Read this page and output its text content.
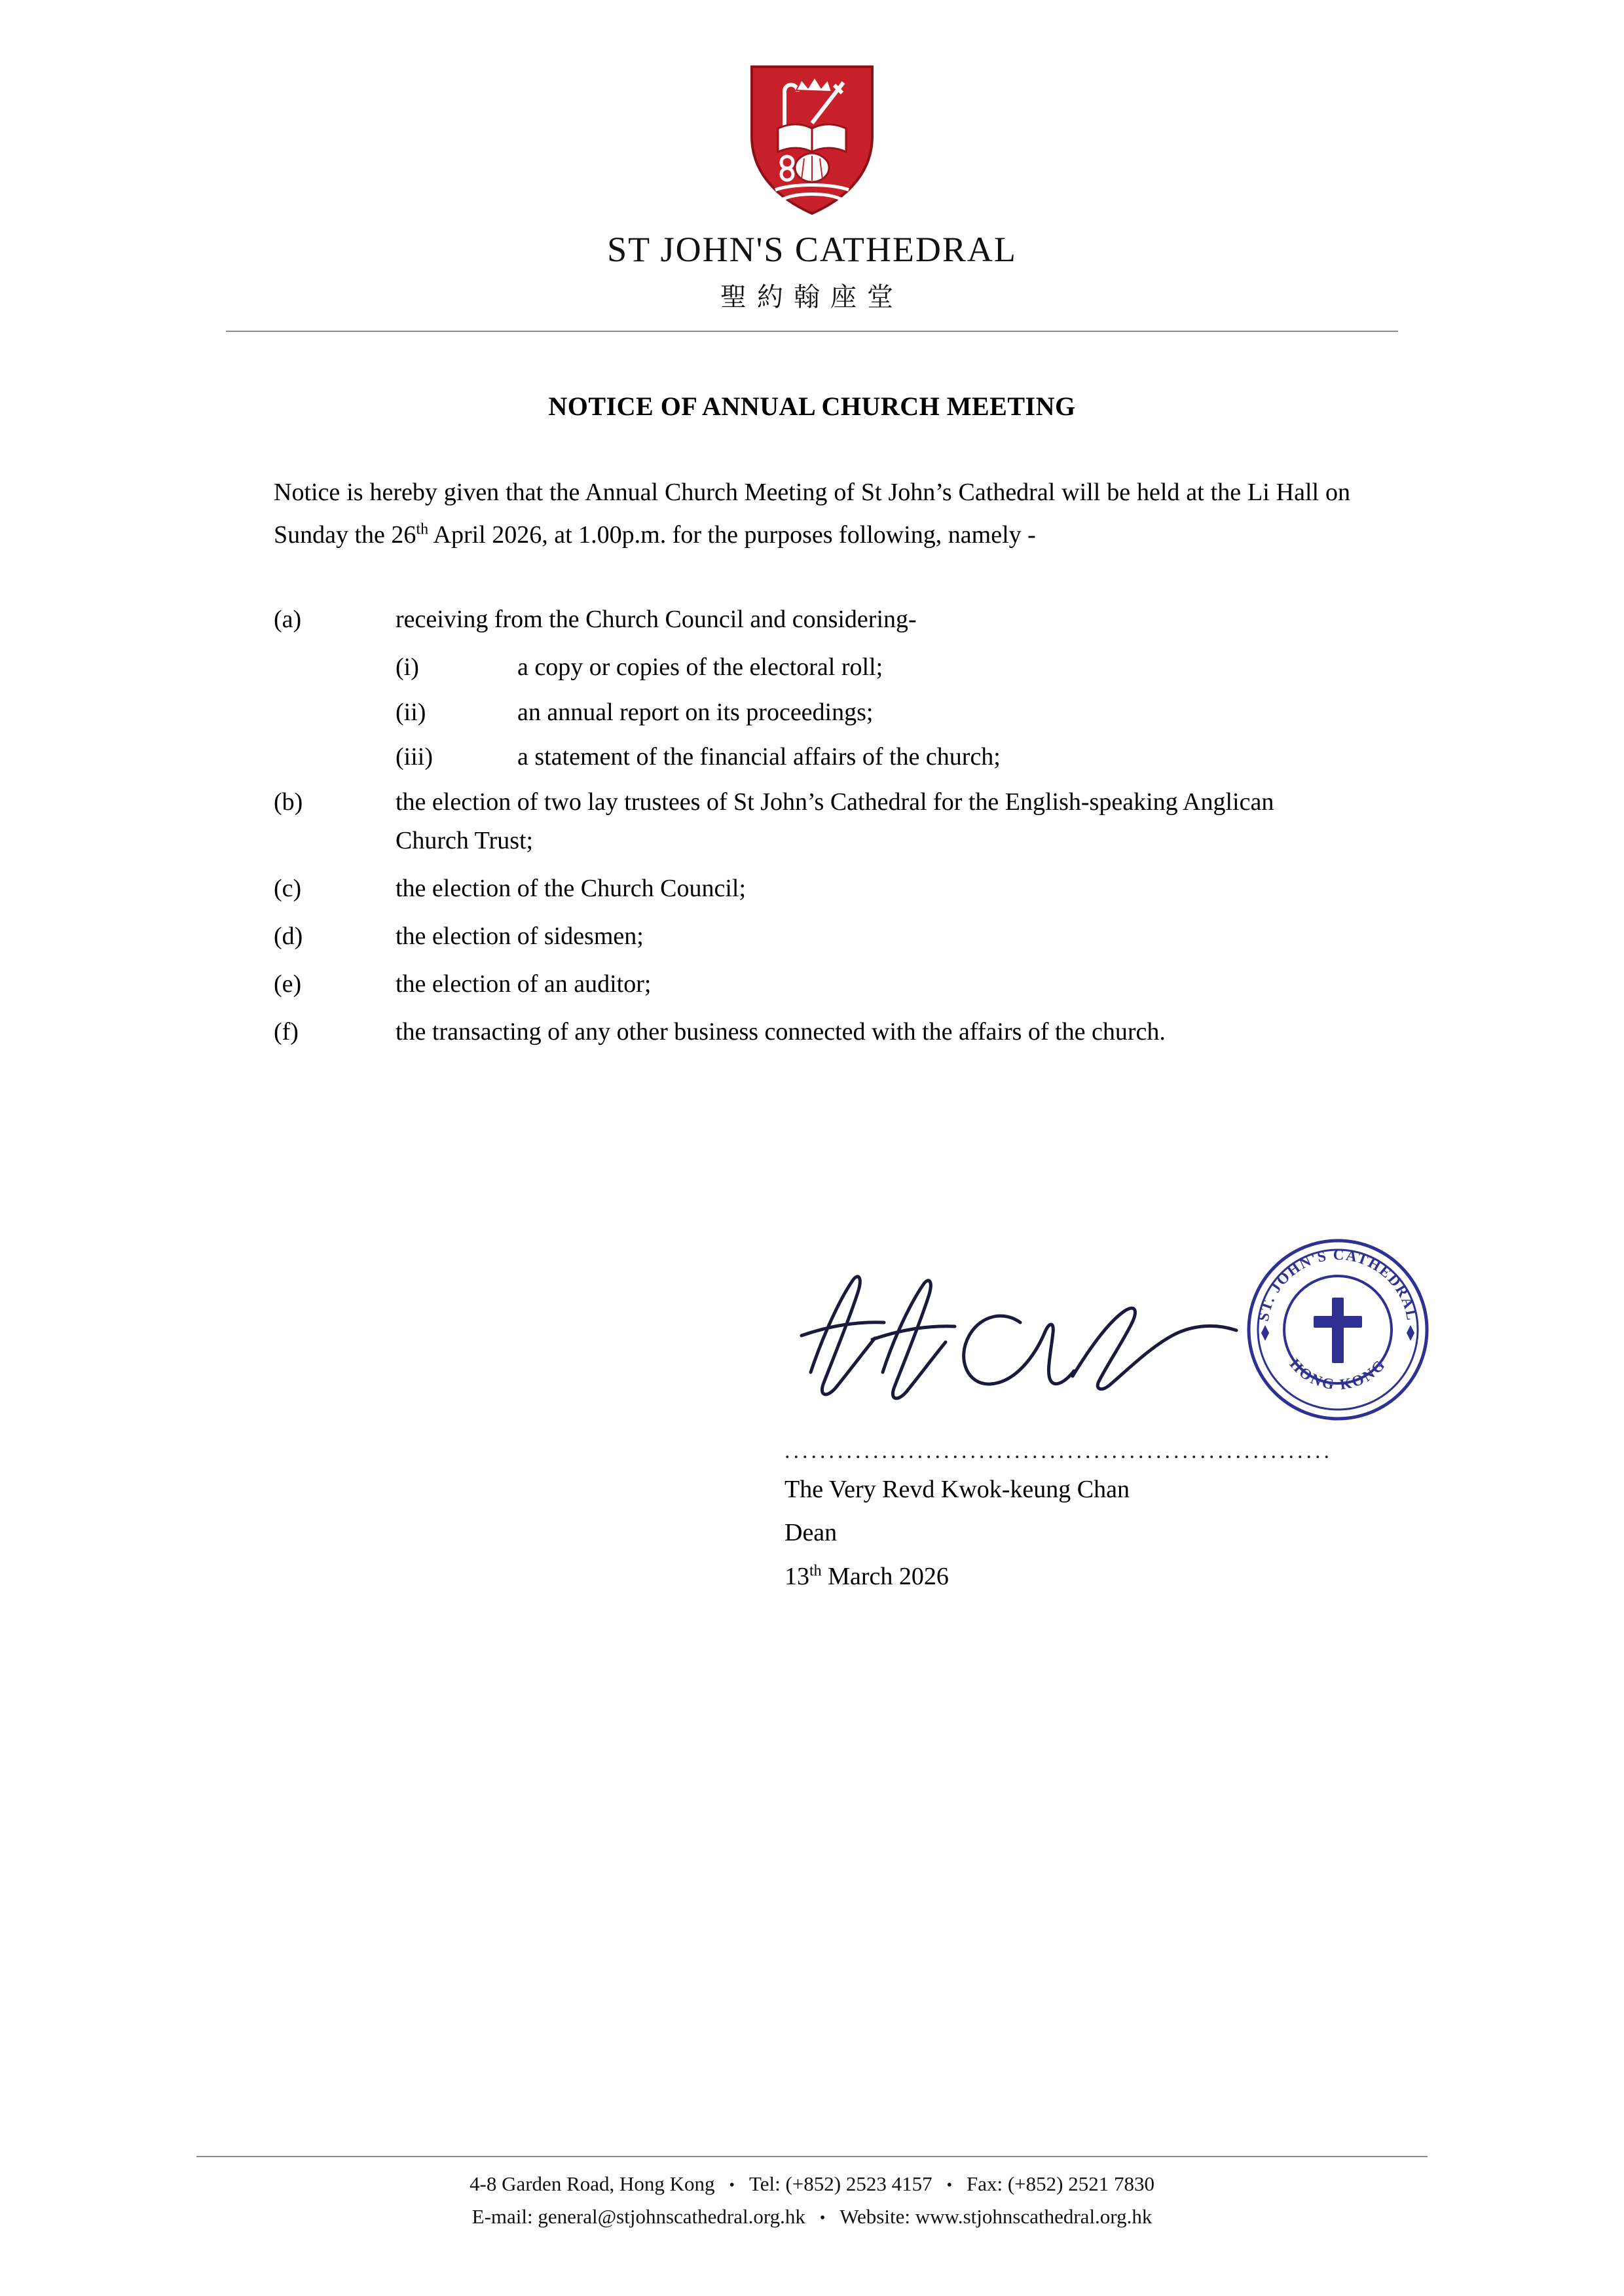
ST JOHN'S CATHEDRAL
聖約翰座堂
NOTICE OF ANNUAL CHURCH MEETING

Notice is hereby given that the Annual Church Meeting of St John’s Cathedral will be held at the Li Hall on Sunday the 26th April 2026, at 1.00p.m. for the purposes following, namely -

(a)	receiving from the Church Council and considering-
(i)	a copy or copies of the electoral roll;
(ii)	an annual report on its proceedings;
(iii)	a statement of the financial affairs of the church;
(b)	the election of two lay trustees of St John’s Cathedral for the English-speaking Anglican Church Trust;
(c)	the election of the Church Council;
(d)	the election of sidesmen;
(e)	the election of an auditor;
(f)	the transacting of any other business connected with the affairs of the church.
ST. JOHN'S CATHEDRAL
HONG KONG
..............................................................
The Very Revd Kwok-keung Chan
Dean
13th March 2026
4-8 Garden Road, Hong Kong • Tel: (+852) 2523 4157 • Fax: (+852) 2521 7830
E-mail: general@stjohnscathedral.org.hk • Website: www.stjohnscathedral.org.hk
